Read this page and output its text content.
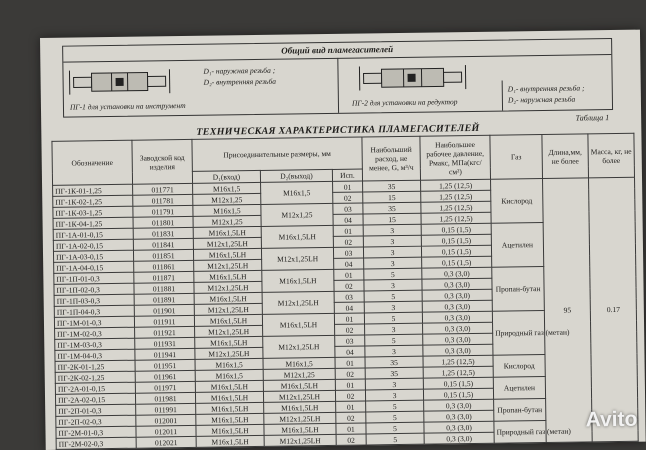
Общий вид пламегасителей
D₁- наружная резьба ;
D₂- внутренняя резьба
ПГ-1 для установки на инструмент	ПГ-2 для установки на редуктор
D₁- внутренняя резьба ;
D₂- наружная резьба
Таблица 1
ТЕХНИЧЕСКАЯ ХАРАКТЕРИСТИКА ПЛАМЕГАСИТЕЛЕЙ
Обозначение	Заводской код изделия	Присоединительные размеры, мм			Наибольший расход, не менее, G, м³/ч	Наибольшее рабочее давление, Pмакс, МПа(кгс/см²)	Газ	Длина,мм, не более	Масса, кг, не более
		D₁(вход)	D₂(выход)	Исп.					
ПГ-1К-01-1,25	011771	M16x1,5	M16x1,5	01	35	1,25 (12,5)	Кислород	95	0.17
ПГ-1К-02-1,25	011781	M12x1,25		02	15	1,25 (12,5)			
ПГ-1К-03-1,25	011791	M16x1,5	M12x1,25	03	35	1,25 (12,5)			
ПГ-1К-04-1,25	011801	M12x1,25		04	15	1,25 (12,5)			
ПГ-1А-01-0,15	011831	M16x1,5LH	M16x1,5LH	01	3	0,15 (1,5)	Ацетилен		
ПГ-1А-02-0,15	011841	M12x1,25LH		02	3	0,15 (1,5)			
ПГ-1А-03-0,15	011851	M16x1,5LH	M12x1,25LH	03	3	0,15 (1,5)			
ПГ-1А-04-0,15	011861	M12x1,25LH		04	3	0,15 (1,5)			
ПГ-1П-01-0,3	011871	M16x1,5LH	M16x1,5LH	01	5	0,3 (3,0)	Пропан-бутан		
ПГ-1П-02-0,3	011881	M12x1,25LH		02	3	0,3 (3,0)			
ПГ-1П-03-0,3	011891	M16x1,5LH	M12x1,25LH	03	5	0,3 (3,0)			
ПГ-1П-04-0,3	011901	M12x1,25LH		04	3	0,3 (3,0)			
ПГ-1М-01-0,3	011911	M16x1,5LH	M16x1,5LH	01	5	0,3 (3,0)	Природный газ (метан)		
ПГ-1М-02-0,3	011921	M12x1,25LH		02	3	0,3 (3,0)			
ПГ-1М-03-0,3	011931	M16x1,5LH	M12x1,25LH	03	5	0,3 (3,0)			
ПГ-1М-04-0,3	011941	M12x1,25LH		04	3	0,3 (3,0)			
ПГ-2К-01-1,25	011951	M16x1,5	M16x1,5	01	35	1,25 (12,5)	Кислород		
ПГ-2К-02-1,25	011961	M16x1,5	M12x1,25	02	35	1,25 (12,5)			
ПГ-2А-01-0,15	011971	M16x1,5LH	M16x1,5LH	01	3	0,15 (1,5)	Ацетилен		
ПГ-2А-02-0,15	011981	M16x1,5LH	M12x1,25LH	02	3	0,15 (1,5)			
ПГ-2П-01-0,3	011991	M16x1,5LH	M16x1,5LH	01	5	0,3 (3,0)	Пропан-бутан		
ПГ-2П-02-0,3	012001	M16x1,5LH	M12x1,25LH	02	5	0,3 (3,0)			
ПГ-2М-01-0,3	012011	M16x1,5LH	M16x1,5LH	01	5	0,3 (3,0)	Природный газ (метан)		
ПГ-2М-02-0,3	012021	M16x1,5LH	M12x1,25LH	02	5	0,3 (3,0)			
Avito
